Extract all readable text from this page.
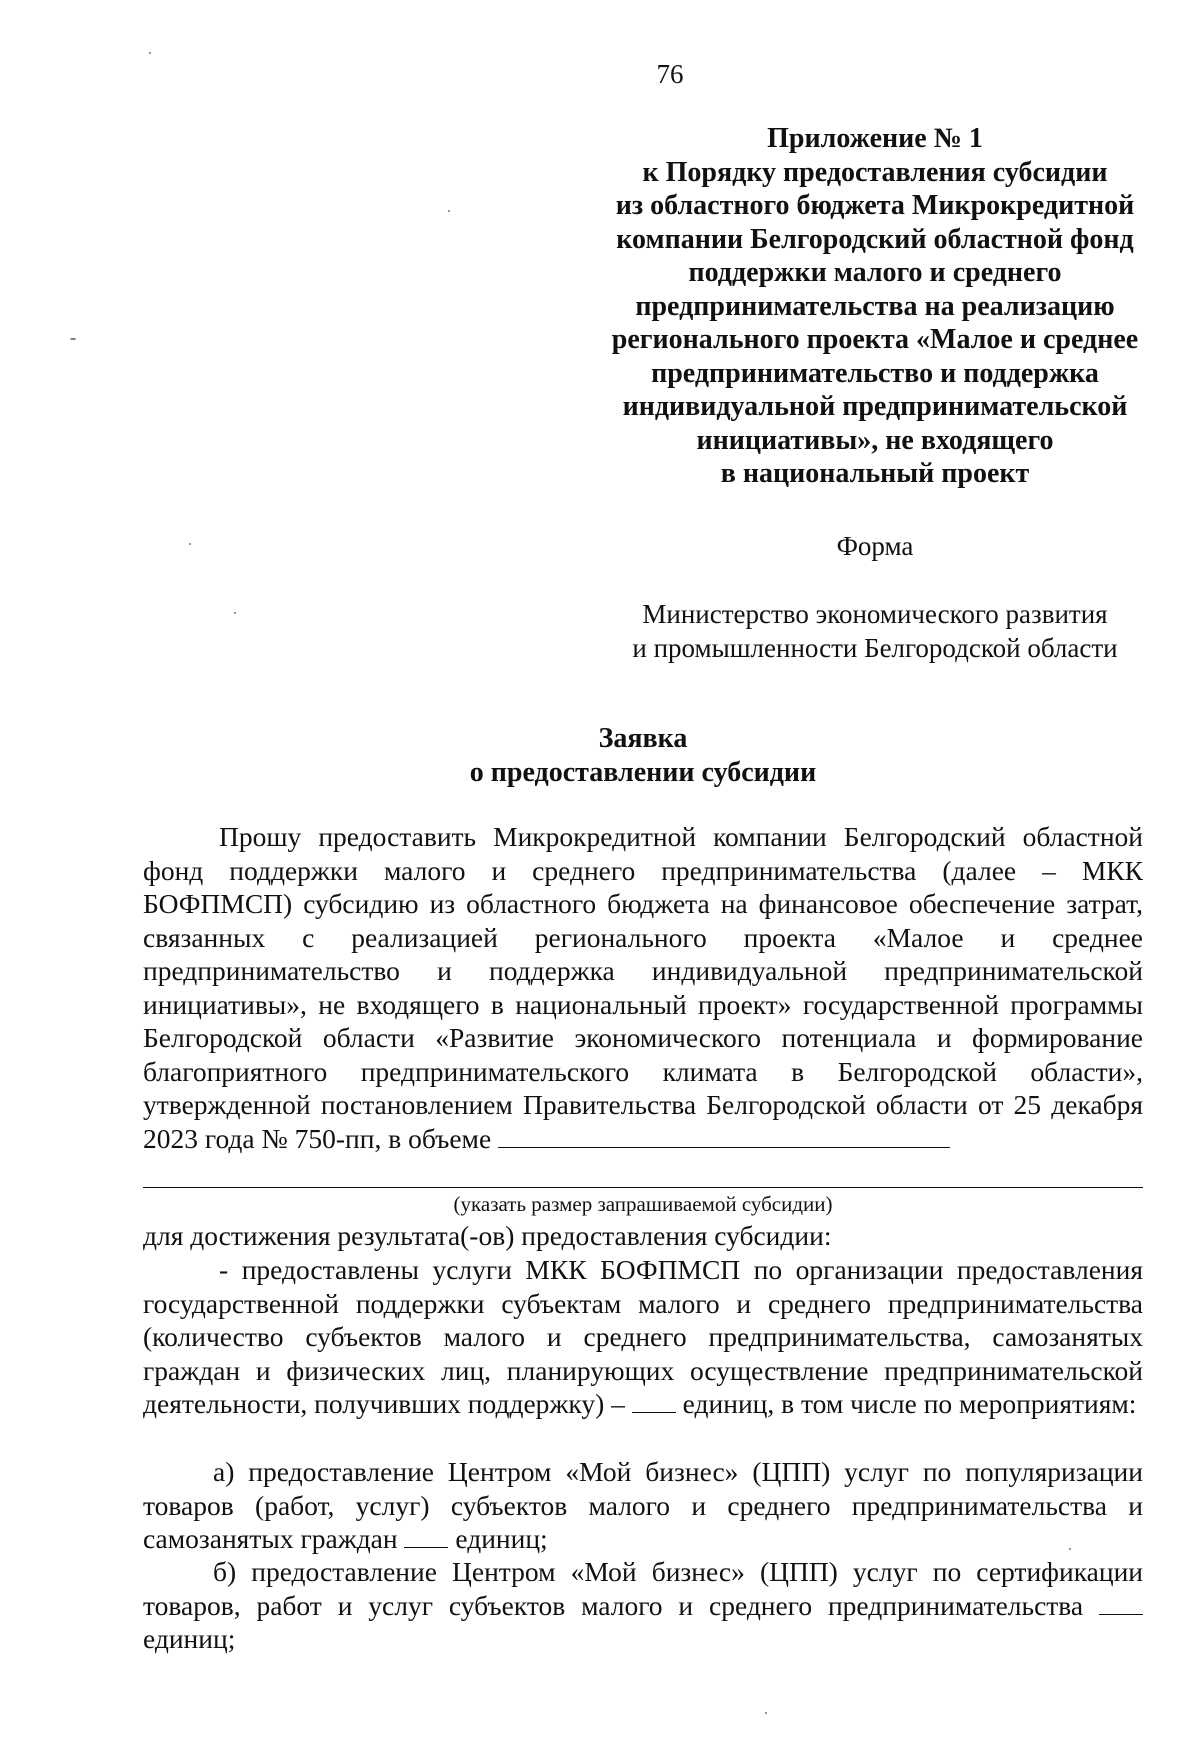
76
Приложение № 1
к Порядку предоставления субсидии
из областного бюджета Микрокредитной
компании Белгородский областной фонд
поддержки малого и среднего
предпринимательства на реализацию
регионального проекта «Малое и среднее
предпринимательство и поддержка
индивидуальной предпринимательской
инициативы», не входящего
в национальный проект
Форма
Министерство экономического развития
и промышленности Белгородской области
Заявка
о предоставлении субсидии
Прошу предоставить Микрокредитной компании Белгородский областной фонд поддержки малого и среднего предпринимательства (далее – МКК БОФПМСП) субсидию из областного бюджета на финансовое обеспечение затрат, связанных с реализацией регионального проекта «Малое и среднее предпринимательство и поддержка индивидуальной предпринимательской инициативы», не входящего в национальный проект» государственной программы Белгородской области «Развитие экономического потенциала и формирование благоприятного предпринимательского климата в Белгородской области», утвержденной постановлением Правительства Белгородской области от 25 декабря 2023 года № 750-пп, в объеме
(указать размер запрашиваемой субсидии)
для достижения результата(-ов) предоставления субсидии:
- предоставлены услуги МКК БОФПМСП по организации предоставления государственной поддержки субъектам малого и среднего предпринимательства (количество субъектов малого и среднего предпринимательства, самозанятых граждан и физических лиц, планирующих осуществление предпринимательской деятельности, получивших поддержку) – единиц, в том числе по мероприятиям:
а) предоставление Центром «Мой бизнес» (ЦПП) услуг по популяризации товаров (работ, услуг) субъектов малого и среднего предпринимательства и самозанятых граждан единиц;
б) предоставление Центром «Мой бизнес» (ЦПП) услуг по сертификации товаров, работ и услуг субъектов малого и среднего предпринимательства  единиц;
